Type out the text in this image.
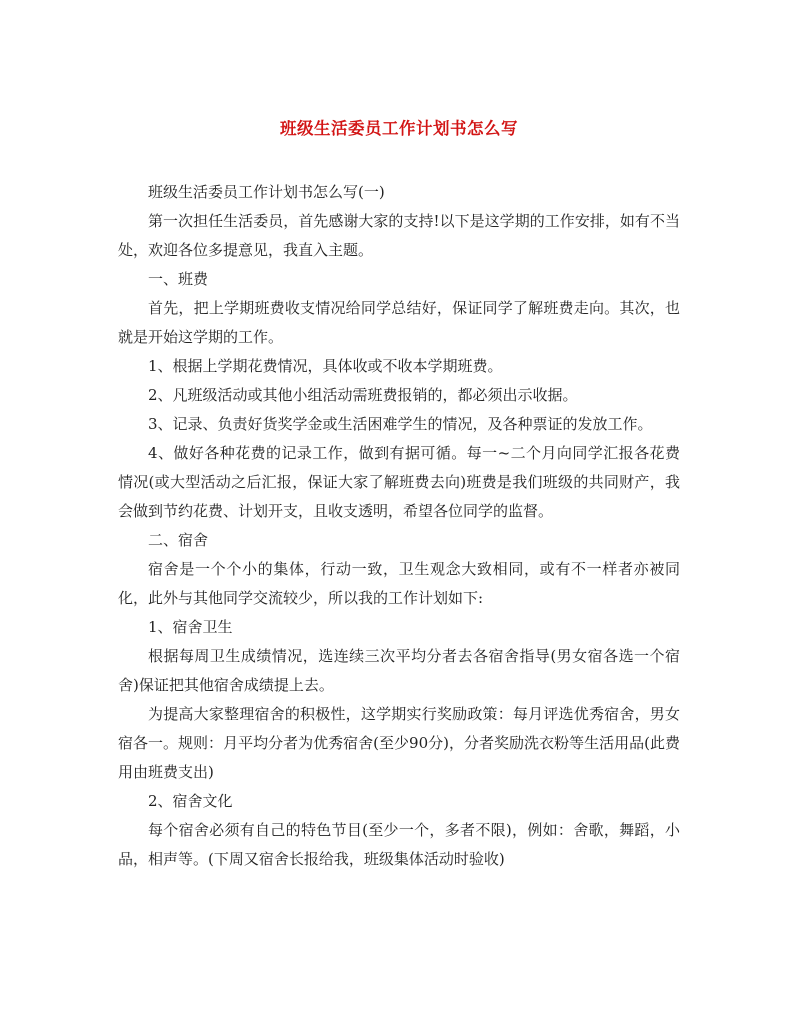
班级生活委员工作计划书怎么写

班级生活委员工作计划书怎么写(一)

第一次担任生活委员，首先感谢大家的支持!以下是这学期的工作安排，如有不当处，欢迎各位多提意见，我直入主题。

一、班费

首先，把上学期班费收支情况给同学总结好，保证同学了解班费走向。其次，也就是开始这学期的工作。

1、根据上学期花费情况，具体收或不收本学期班费。

2、凡班级活动或其他小组活动需班费报销的，都必须出示收据。

3、记录、负责好货奖学金或生活困难学生的情况，及各种票证的发放工作。

4、做好各种花费的记录工作，做到有据可循。每一~二个月向同学汇报各花费情况(或大型活动之后汇报，保证大家了解班费去向)班费是我们班级的共同财产，我会做到节约花费、计划开支，且收支透明，希望各位同学的监督。

二、宿舍

宿舍是一个个小的集体，行动一致，卫生观念大致相同，或有不一样者亦被同化，此外与其他同学交流较少，所以我的工作计划如下:

1、宿舍卫生

根据每周卫生成绩情况，选连续三次平均分者去各宿舍指导(男女宿各选一个宿舍)保证把其他宿舍成绩提上去。

为提高大家整理宿舍的积极性，这学期实行奖励政策：每月评选优秀宿舍，男女宿各一。规则：月平均分者为优秀宿舍(至少90分)，分者奖励洗衣粉等生活用品(此费用由班费支出)

2、宿舍文化

每个宿舍必须有自己的特色节目(至少一个，多者不限)，例如：舍歌，舞蹈，小品，相声等。(下周又宿舍长报给我，班级集体活动时验收)
